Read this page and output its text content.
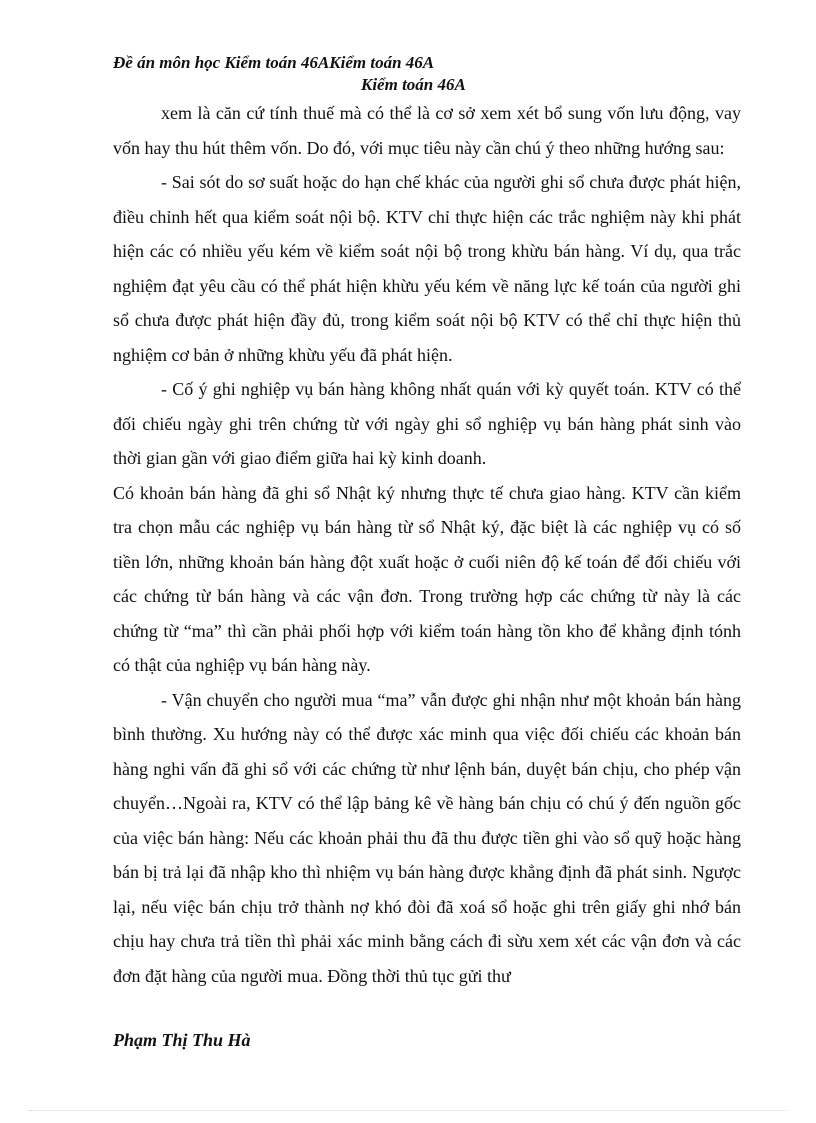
Đề án môn học Kiểm toán 46AKiểm toán 46A
Kiểm toán 46A

xem là căn cứ tính thuế mà có thể là cơ sở xem xét bổ sung vốn lưu động, vay vốn hay thu hút thêm vốn. Do đó, với mục tiêu này cần chú ý theo những hướng sau:

- Sai sót do sơ suất hoặc do hạn chế khác của người ghi sổ chưa được phát hiện, điều chỉnh hết qua kiểm soát nội bộ. KTV chỉ thực hiện các trắc nghiệm này khi phát hiện các có nhiều yếu kém về kiểm soát nội bộ trong khừu bán hàng. Ví dụ, qua trắc nghiệm đạt yêu cầu có thể phát hiện khừu yếu kém về năng lực kế toán của người ghi sổ chưa được phát hiện đầy đủ, trong kiểm soát nội bộ KTV có thể chỉ thực hiện thủ nghiệm cơ bản ở những khừu yếu đã phát hiện.

- Cố ý ghi nghiệp vụ bán hàng không nhất quán với kỳ quyết toán. KTV có thể đối chiếu ngày ghi trên chứng từ với ngày ghi sổ nghiệp vụ bán hàng phát sinh vào thời gian gần với giao điểm giữa hai kỳ kinh doanh.

Có khoản bán hàng đã ghi sổ Nhật ký nhưng thực tế chưa giao hàng. KTV cần kiểm tra chọn mẫu các nghiệp vụ bán hàng từ sổ Nhật ký, đặc biệt là các nghiệp vụ có số tiền lớn, những khoản bán hàng đột xuất hoặc ở cuối niên độ kế toán để đối chiếu với các chứng từ bán hàng và các vận đơn. Trong trường hợp các chứng từ này là các chứng từ “ma” thì cần phải phối hợp với kiểm toán hàng tồn kho để khẳng định tónh có thật của nghiệp vụ bán hàng này.

- Vận chuyển cho người mua “ma” vẫn được ghi nhận như một khoản bán hàng bình thường. Xu hướng này có thể được xác minh qua việc đối chiếu các khoản bán hàng nghi vấn đã ghi sổ với các chứng từ như lệnh bán, duyệt bán chịu, cho phép vận chuyển…Ngoài ra, KTV có thể lập bảng kê về hàng bán chịu có chú ý đến nguồn gốc của việc bán hàng: Nếu các khoản phải thu đã thu được tiền ghi vào sổ quỹ hoặc hàng bán bị trả lại đã nhập kho thì nhiệm vụ bán hàng được khẳng định đã phát sinh. Ngược lại, nếu việc bán chịu trở thành nợ khó đòi đã xoá sổ hoặc ghi trên giấy ghi nhớ bán chịu hay chưa trả tiền thì phải xác minh bằng cách đi sừu xem xét các vận đơn và các đơn đặt hàng của người mua. Đồng thời thủ tục gửi thư

Phạm Thị Thu Hà
